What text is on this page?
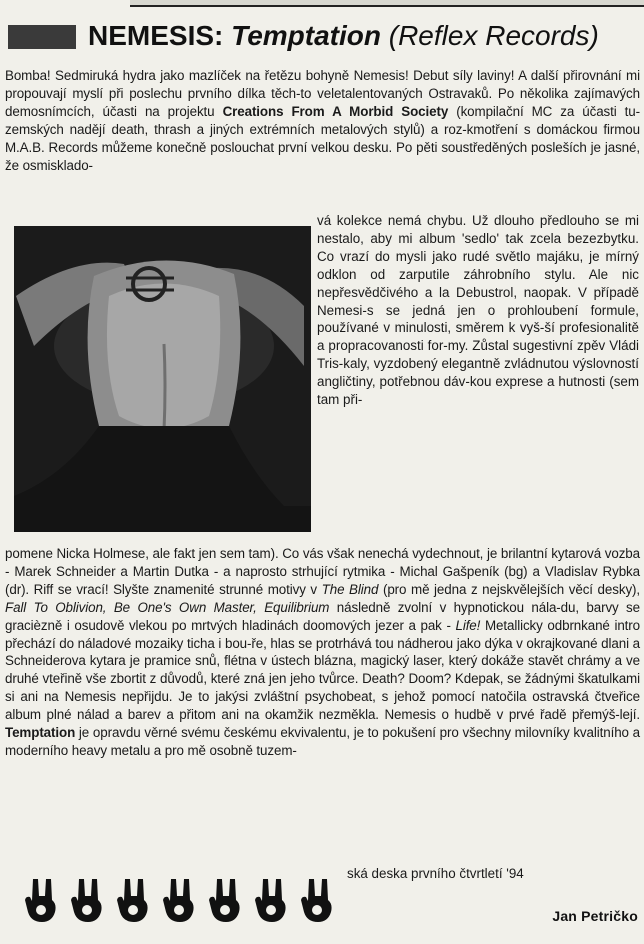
NEMESIS: Temptation (Reflex Records)
Bomba! Sedmiruká hydra jako mazlíček na řetězu bohyně Nemesis! Debut síly laviny! A další přirovnání mi propouvají myslí při poslechu prvního dílka těch-to veletalentovaných Ostravaků. Po několika zajímavých demosnímcích, účasti na projektu Creations From A Morbid Society (kompilační MC za účasti tu-zemských nadějí death, thrash a jiných extrémních metalových stylů) a roz-kmotření s domáckou firmou M.A.B. Records můžeme konečně poslouchat první velkou desku. Po pěti soustředěných posleších je jasné, že osmisklado-
vá kolekce nemá chybu. Už dlouho předlouho se mi nestalo, aby mi album 'sedlo' tak zcela bezezbytku. Co vrazí do mysli jako rudé světlo majáku, je mírný odklon od zarputile záhrobního stylu. Ale nic nepřesvědčivého a la Debustrol, naopak. V případě Nemesi-s se jedná jen o prohloubení formule, používané v minulosti, směrem k vyš-ší profesionalitě a propracovanosti for-my. Zůstal sugestivní zpěv Vládi Tris-kaly, vyzdobený elegantně zvládnutou výslovností angličtiny, potřebnou dáv-kou exprese a hutnosti (sem tam při-
pomene Nicka Holmese, ale fakt jen sem tam). Co vás však nenechá vydechnout, je brilantní kytarová vozba - Marek Schneider a Martin Dutka - a naprosto strhující rytmika - Michal Gašpeník (bg) a Vladislav Rybka (dr). Riff se vrací! Slyšte znamenité strunné motivy v The Blind (pro mě jedna z nejskvělejších věcí desky), Fall To Oblivion, Be One's Own Master, Equilibrium následně zvolní v hypnotickou nála-du, barvy se gracièzně i osudově vlekou po mrtvých hladinách doomových jezer a pak - Life! Metallicky odbrnkané intro přechází do náladové mozaiky ticha i bou-ře, hlas se protrhává tou nádherou jako dýka v okrajkované dlani a Schneiderova kytara je pramice snů, flétna v ústech blázna, magický laser, který dokáže stavět chrámy a ve druhé vteřině vše zbortit z důvodů, které zná jen jeho tvůrce. Death? Doom? Kdepak, se žádnými škatulkami si ani na Nemesis nepřijdu. Je to jakýsi zvláštní psychobeat, s jehož pomocí natočila ostravská čtveřice album plné nálad a barev a přitom ani na okamžik nezměkla. Nemesis o hudbě v prvé řadě přemýš-lejí. Temptation je opravdu věrné svému českému ekvivalentu, je to pokušení pro všechny milovníky kvalitního a moderního heavy metalu a pro mě osobně tuzem-
ská deska prvního čtvrtletí '94
Jan Petričko
